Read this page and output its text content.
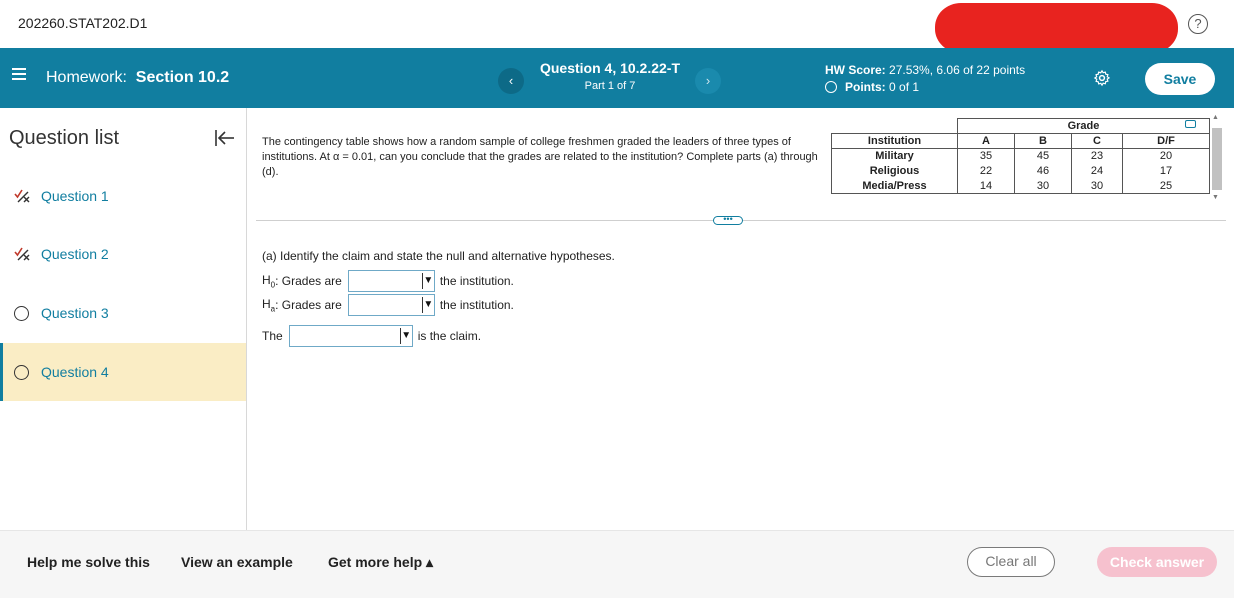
202260.STAT202.D1	?
Homework: Section 10.2	‹
Question 4, 10.2.22-T
Part 1 of 7	›
HW Score: 27.53%, 6.06 of 22 points
Points:
0 of 1	Save
Question list
Question 1
Question 2
Question 3
Question 4
The contingency table shows how a random sample of college freshmen graded the leaders of three types of institutions. At α = 0.01, can you conclude that the grades are related to the institution? Complete parts (a) through (d).
	Grade			
Institution	A	B	C	D/F
Military	35	45	23	20
Religious	22	46	24	17
Media/Press	14	30	30	25
▲
▼
•••
(a) Identify the claim and state the null and alternative hypotheses.
$H_0$ : Grades are	▼ the institution.
$H_a$ : Grades are	▼ the institution.
The	▼ is the claim.
Help me solve this View an example	Get more help ▴	Clear all	Check answer
